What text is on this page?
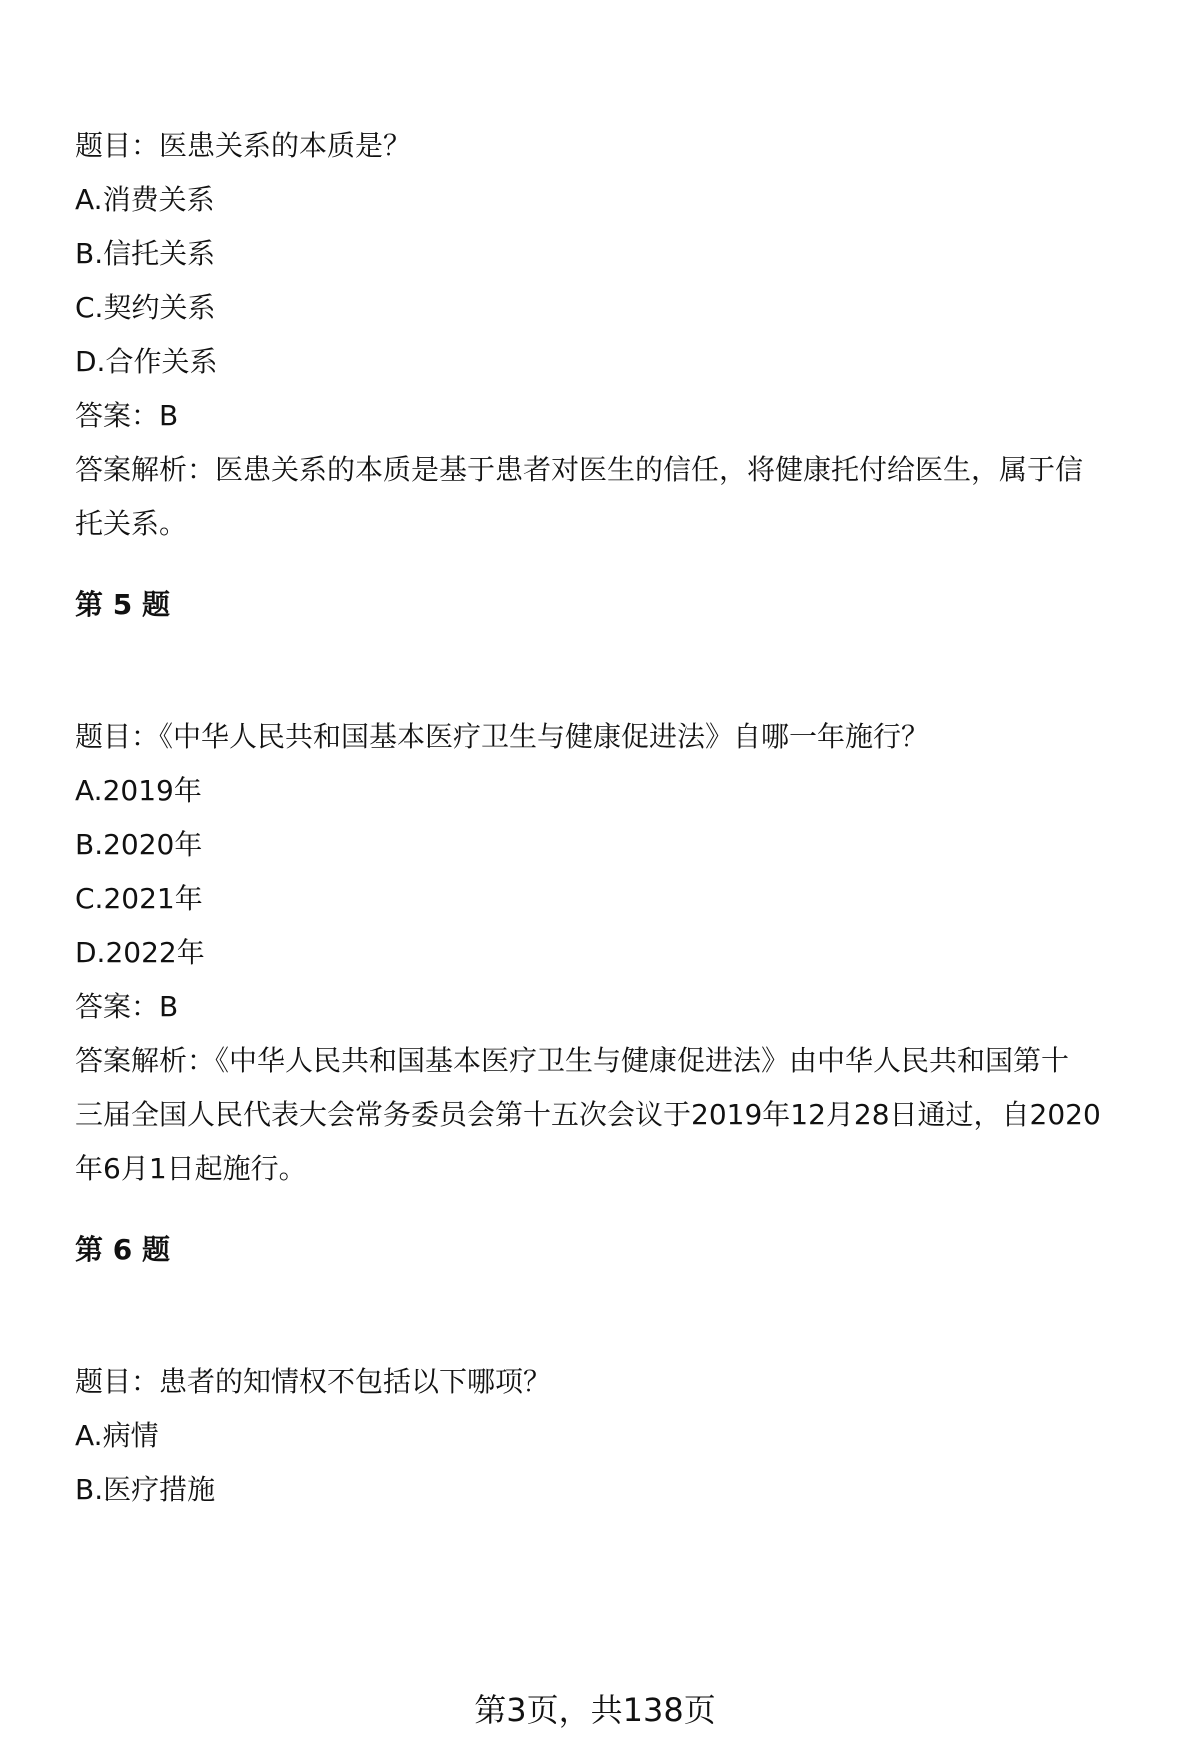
题目：医患关系的本质是？

A.消费关系

B.信托关系

C.契约关系

D.合作关系

答案：B

答案解析：医患关系的本质是基于患者对医生的信任，将健康托付给医生，属于信

托关系。

第 5 题

题目：《中华人民共和国基本医疗卫生与健康促进法》自哪一年施行？

A.2019年

B.2020年

C.2021年

D.2022年

答案：B

答案解析：《中华人民共和国基本医疗卫生与健康促进法》由中华人民共和国第十

三届全国人民代表大会常务委员会第十五次会议于2019年12月28日通过，自2020

年6月1日起施行。

第 6 题

题目：患者的知情权不包括以下哪项？

A.病情

B.医疗措施

第3页，共138页
